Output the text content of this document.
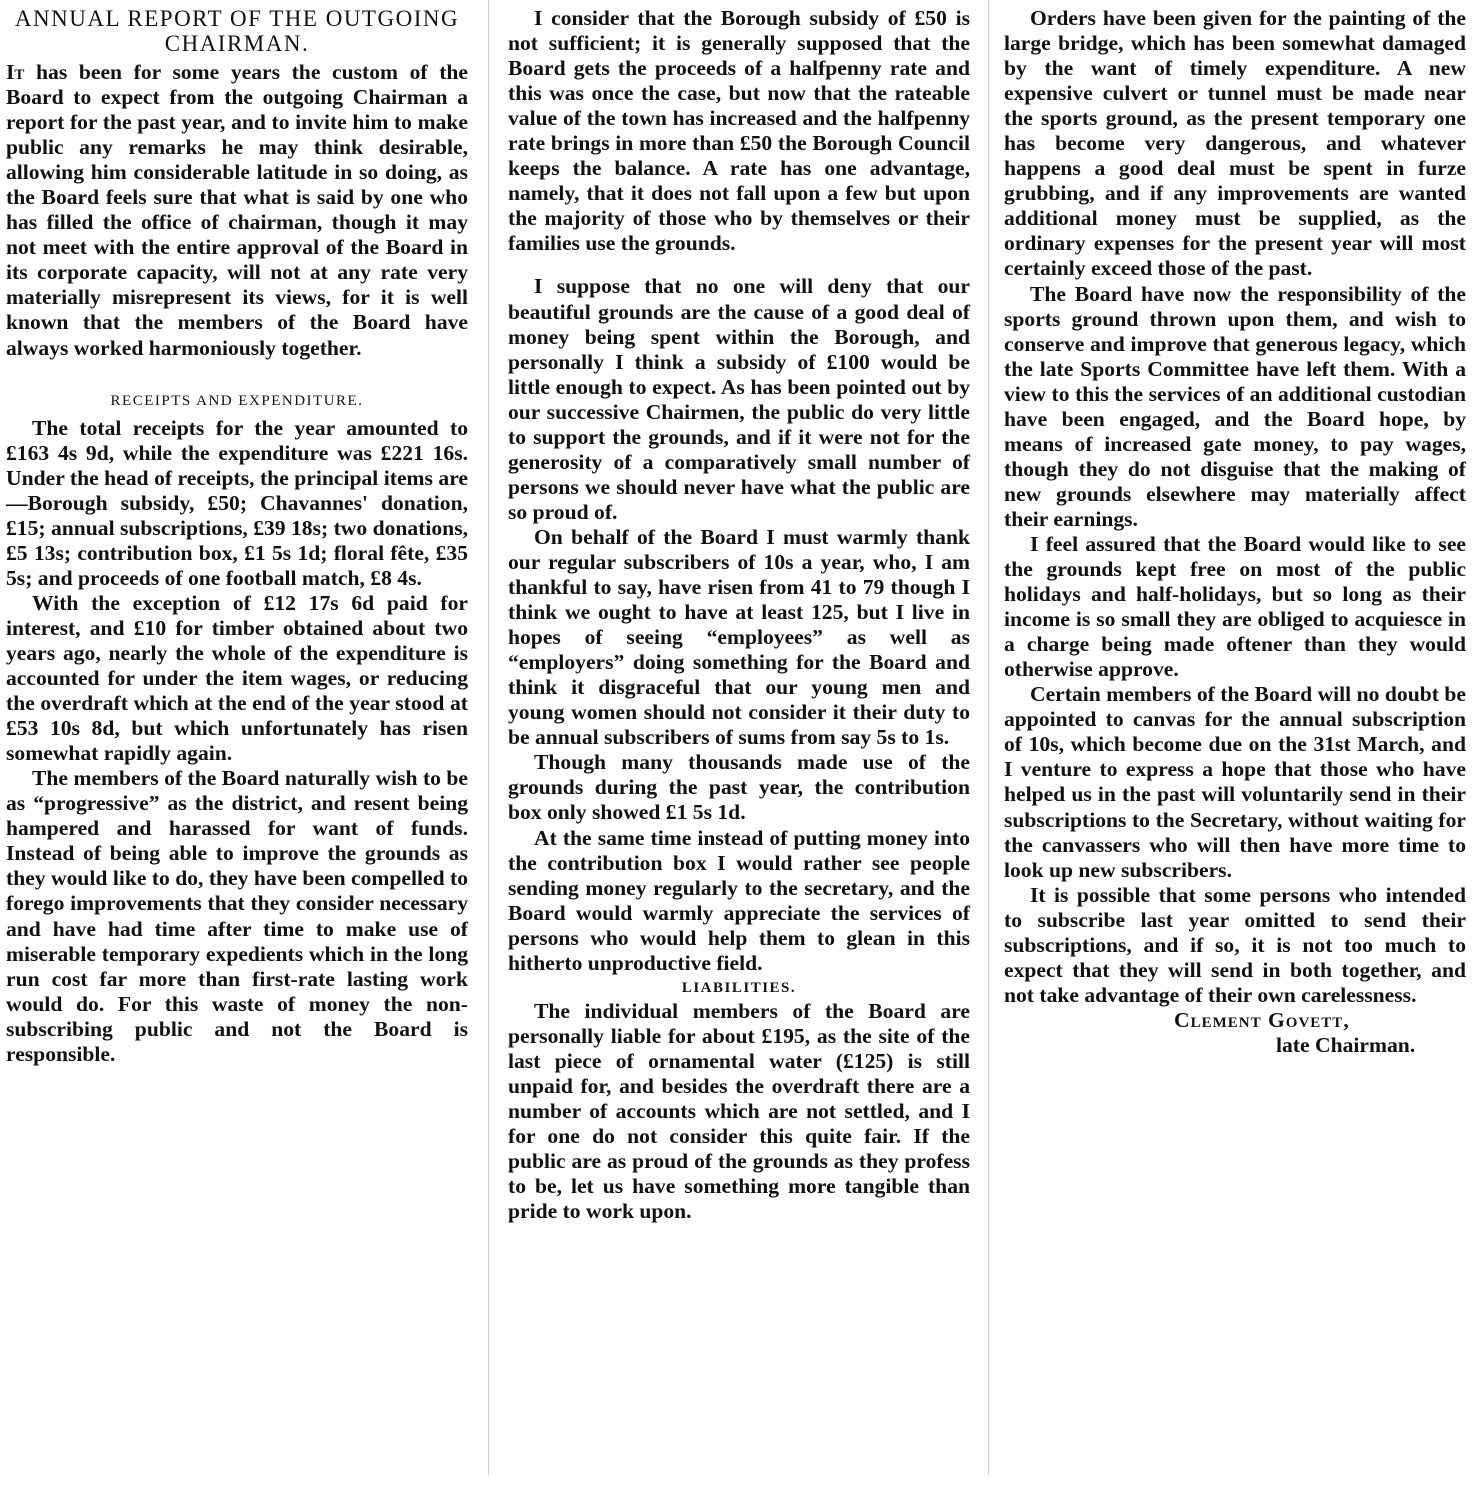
ANNUAL REPORT OF THE OUTGOING CHAIRMAN.

It has been for some years the custom of the Board to expect from the outgoing Chairman a report for the past year, and to invite him to make public any remarks he may think desirable, allowing him considerable latitude in so doing, as the Board feels sure that what is said by one who has filled the office of chairman, though it may not meet with the entire approval of the Board in its corporate capacity, will not at any rate very materially misrepresent its views, for it is well known that the members of the Board have always worked harmoniously together.

RECEIPTS AND EXPENDITURE.

The total receipts for the year amounted to £163 4s 9d, while the expenditure was £221 16s. Under the head of receipts, the principal items are—Borough subsidy, £50; Chavannes' donation, £15; annual subscriptions, £39 18s; two donations, £5 13s; contribution box, £1 5s 1d; floral fête, £35 5s; and proceeds of one football match, £8 4s.

With the exception of £12 17s 6d paid for interest, and £10 for timber obtained about two years ago, nearly the whole of the expenditure is accounted for under the item wages, or reducing the overdraft which at the end of the year stood at £53 10s 8d, but which unfortunately has risen somewhat rapidly again.

The members of the Board naturally wish to be as “progressive” as the district, and resent being hampered and harassed for want of funds. Instead of being able to improve the grounds as they would like to do, they have been compelled to forego improvements that they consider necessary and have had time after time to make use of miserable temporary expedients which in the long run cost far more than first-rate lasting work would do. For this waste of money the non-subscribing public and not the Board is responsible.

I consider that the Borough subsidy of £50 is not sufficient; it is generally supposed that the Board gets the proceeds of a halfpenny rate and this was once the case, but now that the rateable value of the town has increased and the halfpenny rate brings in more than £50 the Borough Council keeps the balance. A rate has one advantage, namely, that it does not fall upon a few but upon the majority of those who by themselves or their families use the grounds.

I suppose that no one will deny that our beautiful grounds are the cause of a good deal of money being spent within the Borough, and personally I think a subsidy of £100 would be little enough to expect. As has been pointed out by our successive Chairmen, the public do very little to support the grounds, and if it were not for the generosity of a comparatively small number of persons we should never have what the public are so proud of.

On behalf of the Board I must warmly thank our regular subscribers of 10s a year, who, I am thankful to say, have risen from 41 to 79 though I think we ought to have at least 125, but I live in hopes of seeing “employees” as well as “employers” doing something for the Board and think it disgraceful that our young men and young women should not consider it their duty to be annual subscribers of sums from say 5s to 1s.

Though many thousands made use of the grounds during the past year, the contribution box only showed £1 5s 1d.

At the same time instead of putting money into the contribution box I would rather see people sending money regularly to the secretary, and the Board would warmly appreciate the services of persons who would help them to glean in this hitherto unproductive field.

LIABILITIES.

The individual members of the Board are personally liable for about £195, as the site of the last piece of ornamental water (£125) is still unpaid for, and besides the overdraft there are a number of accounts which are not settled, and I for one do not consider this quite fair. If the public are as proud of the grounds as they profess to be, let us have something more tangible than pride to work upon.

Orders have been given for the painting of the large bridge, which has been somewhat damaged by the want of timely expenditure. A new expensive culvert or tunnel must be made near the sports ground, as the present temporary one has become very dangerous, and whatever happens a good deal must be spent in furze grubbing, and if any improvements are wanted additional money must be supplied, as the ordinary expenses for the present year will most certainly exceed those of the past.

The Board have now the responsibility of the sports ground thrown upon them, and wish to conserve and improve that generous legacy, which the late Sports Committee have left them. With a view to this the services of an additional custodian have been engaged, and the Board hope, by means of increased gate money, to pay wages, though they do not disguise that the making of new grounds elsewhere may materially affect their earnings.

I feel assured that the Board would like to see the grounds kept free on most of the public holidays and half-holidays, but so long as their income is so small they are obliged to acquiesce in a charge being made oftener than they would otherwise approve.

Certain members of the Board will no doubt be appointed to canvas for the annual subscription of 10s, which become due on the 31st March, and I venture to express a hope that those who have helped us in the past will voluntarily send in their subscriptions to the Secretary, without waiting for the canvassers who will then have more time to look up new subscribers.

It is possible that some persons who intended to subscribe last year omitted to send their subscriptions, and if so, it is not too much to expect that they will send in both together, and not take advantage of their own carelessness.

Clement Govett,
late Chairman.
